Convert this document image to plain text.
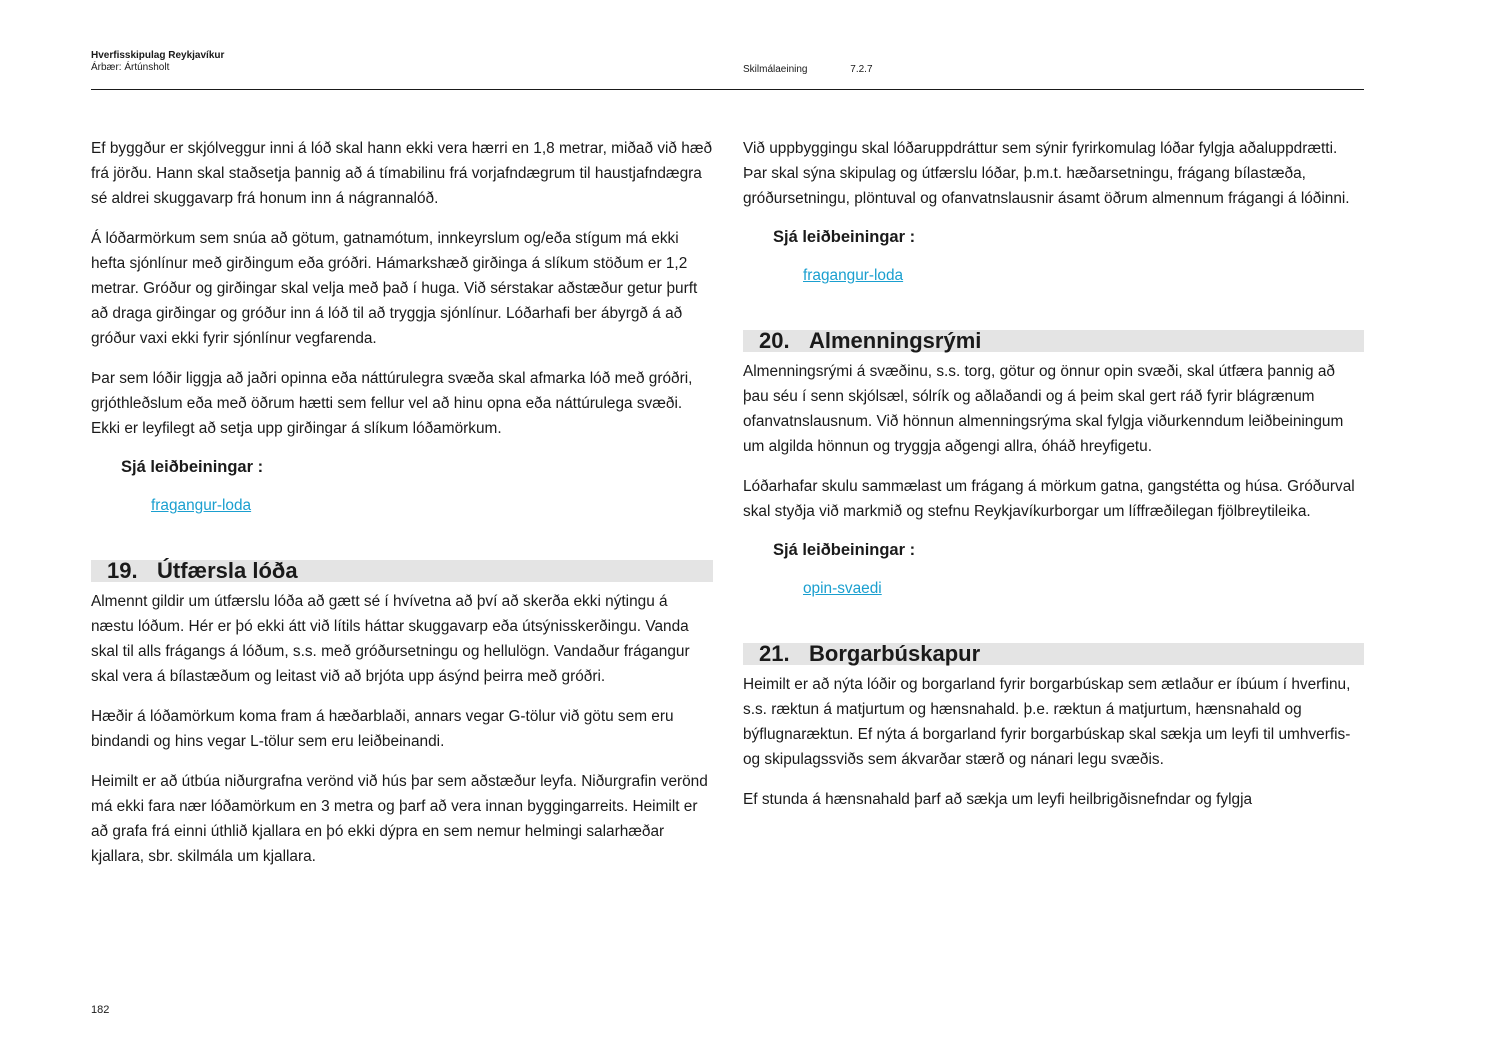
Hverfisskipulag Reykjavíkur
Árbær: Ártúnsholt	Skilmálaeining	7.2.7

Ef byggður er skjólveggur inni á lóð skal hann ekki vera hærri en 1,8 metrar, miðað við hæð frá jörðu. Hann skal staðsetja þannig að á tímabilinu frá vorjafndægrum til haustjafndægra sé aldrei skuggavarp frá honum inn á nágrannalóð.

Á lóðarmörkum sem snúa að götum, gatnamótum, innkeyrslum og/eða stígum má ekki hefta sjónlínur með girðingum eða gróðri. Hámarkshæð girðinga á slíkum stöðum er 1,2 metrar. Gróður og girðingar skal velja með það í huga. Við sérstakar aðstæður getur þurft að draga girðingar og gróður inn á lóð til að tryggja sjónlínur. Lóðarhafi ber ábyrgð á að gróður vaxi ekki fyrir sjónlínur vegfarenda.

Þar sem lóðir liggja að jaðri opinna eða náttúrulegra svæða skal afmarka lóð með gróðri, grjóthleðslum eða með öðrum hætti sem fellur vel að hinu opna eða náttúrulega svæði. Ekki er leyfilegt að setja upp girðingar á slíkum lóðamörkum.

Sjá leiðbeiningar :
fragangur-loda
19. Útfærsla lóða

Almennt gildir um útfærslu lóða að gætt sé í hvívetna að því að skerða ekki nýtingu á næstu lóðum. Hér er þó ekki átt við lítils háttar skuggavarp eða útsýnisskerðingu. Vanda skal til alls frágangs á lóðum, s.s. með gróðursetningu og hellulögn. Vandaður frágangur skal vera á bílastæðum og leitast við að brjóta upp ásýnd þeirra með gróðri.

Hæðir á lóðamörkum koma fram á hæðarblaði, annars vegar G-tölur við götu sem eru bindandi og hins vegar L-tölur sem eru leiðbeinandi.

Heimilt er að útbúa niðurgrafna verönd við hús þar sem aðstæður leyfa. Niðurgrafin verönd má ekki fara nær lóðamörkum en 3 metra og þarf að vera innan byggingarreits. Heimilt er að grafa frá einni úthlið kjallara en þó ekki dýpra en sem nemur helmingi salarhæðar kjallara, sbr. skilmála um kjallara.

Við uppbyggingu skal lóðaruppdráttur sem sýnir fyrirkomulag lóðar fylgja aðaluppdrætti. Þar skal sýna skipulag og útfærslu lóðar, þ.m.t. hæðarsetningu, frágang bílastæða, gróðursetningu, plöntuval og ofanvatnslausnir ásamt öðrum almennum frágangi á lóðinni.

Sjá leiðbeiningar :
fragangur-loda
20. Almenningsrými

Almenningsrými á svæðinu, s.s. torg, götur og önnur opin svæði, skal útfæra þannig að þau séu í senn skjólsæl, sólrík og aðlaðandi og á þeim skal gert ráð fyrir blágrænum ofanvatnslausnum. Við hönnun almenningsrýma skal fylgja viðurkenndum leiðbeiningum um algilda hönnun og tryggja aðgengi allra, óháð hreyfigetu.

Lóðarhafar skulu sammælast um frágang á mörkum gatna, gangstétta og húsa. Gróðurval skal styðja við markmið og stefnu Reykjavíkurborgar um líffræðilegan fjölbreytileika.

Sjá leiðbeiningar :
opin-svaedi
21. Borgarbúskapur

Heimilt er að nýta lóðir og borgarland fyrir borgarbúskap sem ætlaður er íbúum í hverfinu, s.s. ræktun á matjurtum og hænsnahald. þ.e. ræktun á matjurtum, hænsnahald og býflugnaræktun. Ef nýta á borgarland fyrir borgarbúskap skal sækja um leyfi til umhverfis- og skipulagssviðs sem ákvarðar stærð og nánari legu svæðis.

Ef stunda á hænsnahald þarf að sækja um leyfi heilbrigðisnefndar og fylgja

182
